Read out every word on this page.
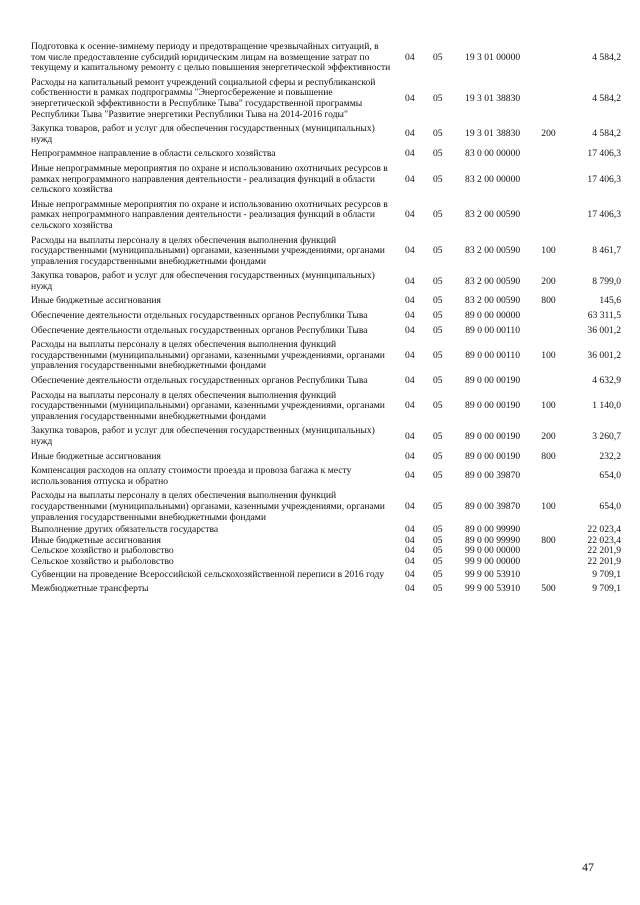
Подготовка к осенне-зимнему периоду и предотвращение чрезвычайных ситуаций, в том числе предоставление субсидий юридическим лицам на возмещение затрат по текущему и капитальному ремонту с целью повышения энергетической эффективности	04	05	19 3 01 00000		4 584,2
Расходы на капитальный ремонт учреждений социальной сферы и республиканской собственности в рамках подпрограммы "Энергосбережение и повышение энергетической эффективности в Республике Тыва" государственной программы Республики Тыва "Развитие энергетики Республики Тыва на 2014-2016 годы"	04	05	19 3 01 38830		4 584,2
Закупка товаров, работ и услуг для обеспечения государственных (муниципальных) нужд	04	05	19 3 01 38830	200	4 584,2
Непрограммное направление в области сельского хозяйства	04	05	83 0 00 00000		17 406,3
Иные непрограммные мероприятия по охране и использованию охотничьих ресурсов в рамках непрограммного направления деятельности - реализация функций в области сельского хозяйства	04	05	83 2 00 00000		17 406,3
Иные непрограммные мероприятия по охране и использованию охотничьих ресурсов в рамках непрограммного направления деятельности - реализация функций в области сельского хозяйства	04	05	83 2 00 00590		17 406,3
Расходы на выплаты персоналу в целях обеспечения выполнения функций государственными (муниципальными) органами, казенными учреждениями, органами управления государственными внебюджетными фондами	04	05	83 2 00 00590	100	8 461,7
Закупка товаров, работ и услуг для обеспечения государственных (муниципальных) нужд	04	05	83 2 00 00590	200	8 799,0
Иные бюджетные ассигнования	04	05	83 2 00 00590	800	145,6
Обеспечение деятельности отдельных государственных органов Республики Тыва	04	05	89 0 00 00000		63 311,5
Обеспечение деятельности отдельных государственных органов Республики Тыва	04	05	89 0 00 00110		36 001,2
Расходы на выплаты персоналу в целях обеспечения выполнения функций государственными (муниципальными) органами, казенными учреждениями, органами управления государственными внебюджетными фондами	04	05	89 0 00 00110	100	36 001,2
Обеспечение деятельности отдельных государственных органов Республики Тыва	04	05	89 0 00 00190		4 632,9
Расходы на выплаты персоналу в целях обеспечения выполнения функций государственными (муниципальными) органами, казенными учреждениями, органами управления государственными внебюджетными фондами	04	05	89 0 00 00190	100	1 140,0
Закупка товаров, работ и услуг для обеспечения государственных (муниципальных) нужд	04	05	89 0 00 00190	200	3 260,7
Иные бюджетные ассигнования	04	05	89 0 00 00190	800	232,2
Компенсация расходов на оплату стоимости проезда и провоза багажа к месту использования отпуска и обратно	04	05	89 0 00 39870		654,0
Расходы на выплаты персоналу в целях обеспечения выполнения функций государственными (муниципальными) органами, казенными учреждениями, органами управления государственными внебюджетными фондами	04	05	89 0 00 39870	100	654,0
Выполнение других обязательств государства	04	05	89 0 00 99990		22 023,4
Иные бюджетные ассигнования	04	05	89 0 00 99990	800	22 023,4
Сельское хозяйство и рыболовство	04	05	99 0 00 00000		22 201,9
Сельское хозяйство и рыболовство	04	05	99 9 00 00000		22 201,9
Субвенции на проведение Всероссийской сельскохозяйственной переписи в 2016 году	04	05	99 9 00 53910		9 709,1
Межбюджетные трансферты	04	05	99 9 00 53910	500	9 709,1
47
